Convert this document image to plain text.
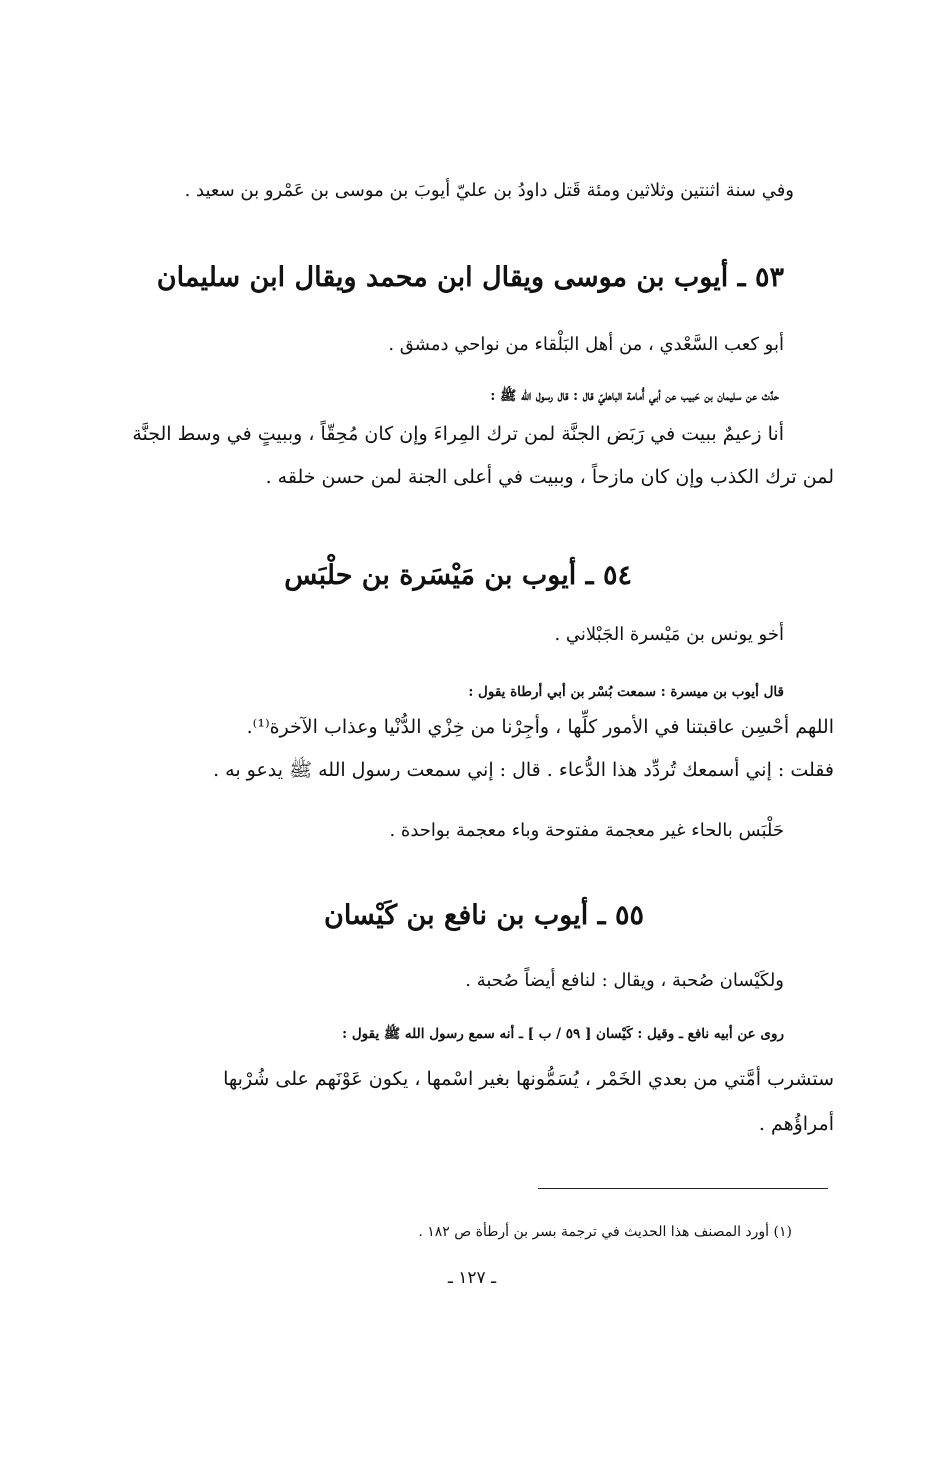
وفي سنة اثنتين وثلاثين ومئة قَتل داودُ بن عليّ أيوبَ بن موسى بن عَمْرو بن سعيد .
٥٣ ـ أيوب بن موسى ويقال ابن محمد ويقال ابن سليمان
أبو كعب السَّعْدي ، من أهل البَلْقاء من نواحي دمشق .
حدَّث عن سليمان بن حَبيب عن أبي أُمامة الباهليّ قال : قال رسول الله ﷺ :
أنا زعيمٌ ببيت في رَبَض الجنَّة لمن ترك المِراءَ وإن كان مُحِقّاً ، وببيتٍ في وسط الجنَّة
لمن ترك الكذب وإن كان مازحاً ، وببيت في أعلى الجنة لمن حسن خلقه .
٥٤ ـ أيوب بن مَيْسَرة بن حلْبَس
أخو يونس بن مَيْسرة الجَبْلاني .
قال أيوب بن ميسرة : سمعت بُسْر بن أبي أرطاة يقول :
اللهم أحْسِن عاقبتنا في الأمور كلِّها ، وأجِرْنا من خِزْي الدُّنْيا وعذاب الآخرة⁽¹⁾.
فقلت : إني أسمعك تُردِّد هذا الدُّعاء . قال : إني سمعت رسول الله ﷺ يدعو به .
حَلْبَس بالحاء غير معجمة مفتوحة وباء معجمة بواحدة .
٥٥ ـ أيوب بن نافع بن كَيْسان
ولكَيْسان صُحبة ، ويقال : لنافع أيضاً صُحبة .
روى عن أبيه نافع ـ وقيل : كَيْسان [ ٥٩ / ب ] ـ أنه سمع رسول الله ﷺ يقول :
ستشرب أمَّتي من بعدي الخَمْر ، يُسَمُّونها بغير اسْمها ، يكون عَوْنَهم على شُرْبها
أمراؤُهم .
(١) أورد المصنف هذا الحديث في ترجمة بسر بن أرطأة ص ١٨٢ .
ـ ١٢٧ ـ
